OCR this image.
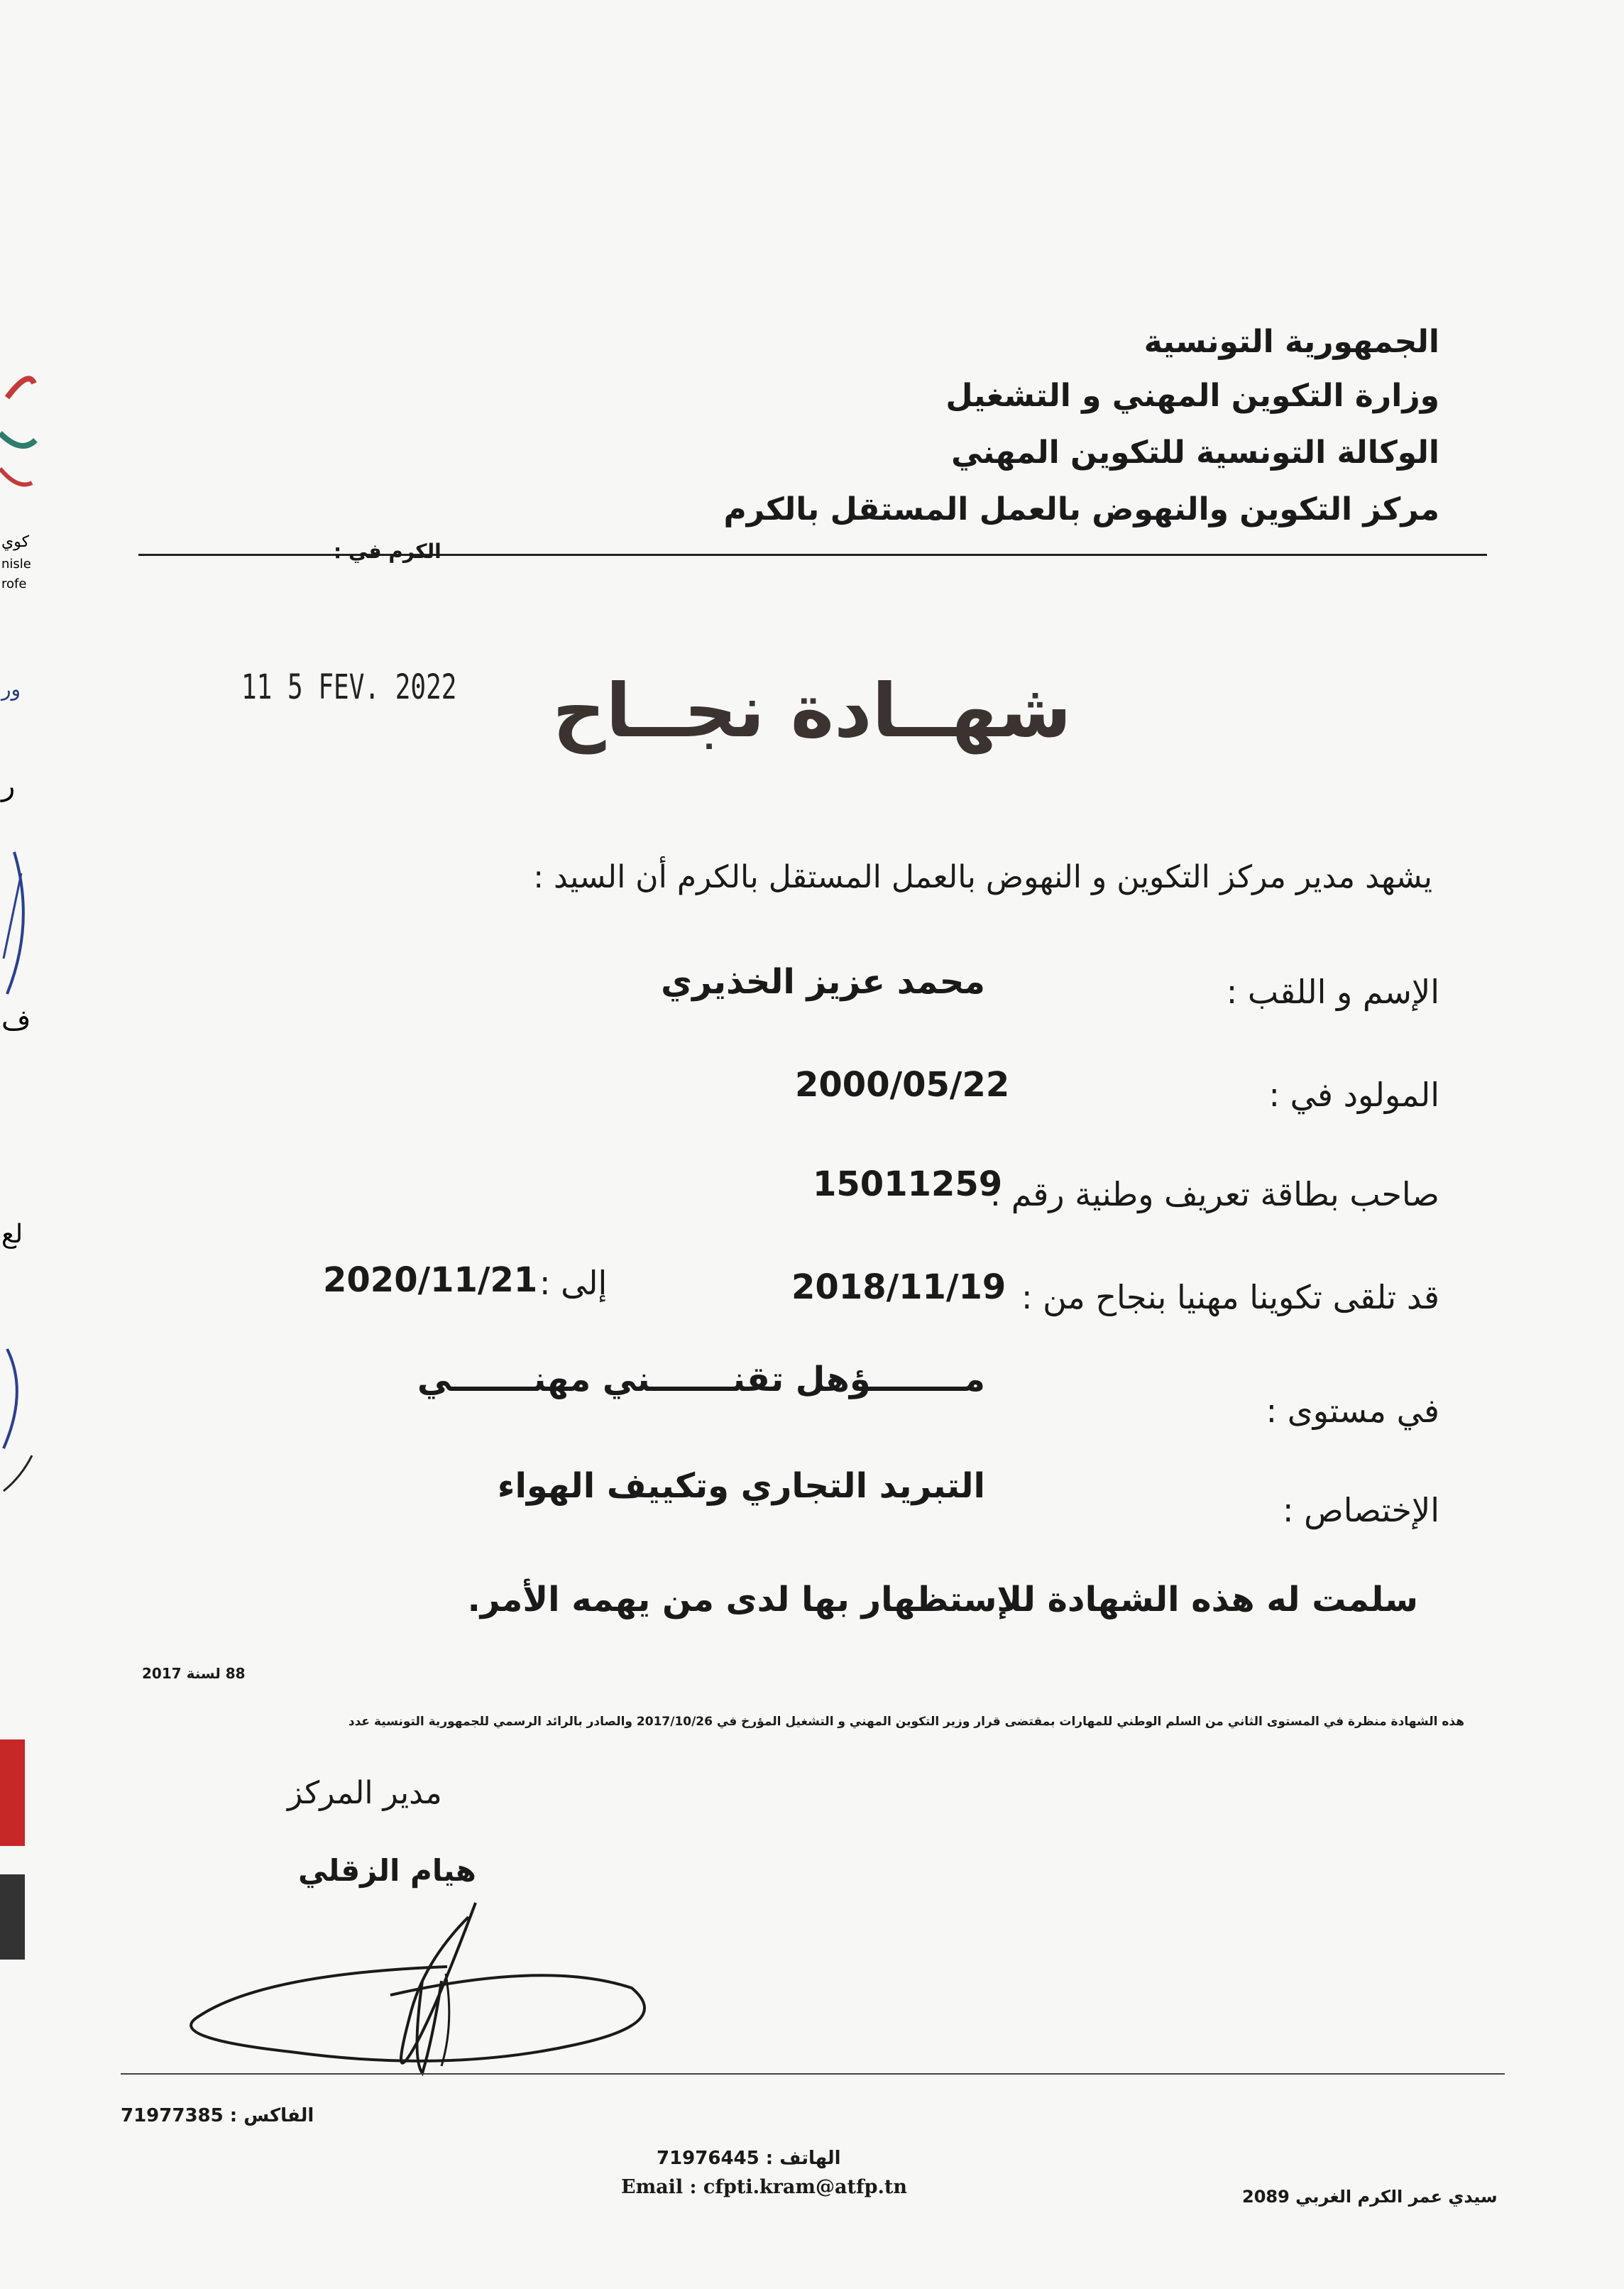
كوي
nisle
rofe
ور
ر
ف
لع
الجمهورية التونسية
وزارة التكوين المهني و التشغيل
الوكالة التونسية للتكوين المهني
مركز التكوين والنهوض بالعمل المستقل بالكرم
الكرم في :
11 5 FEV. 2022	شهــادة نجــاح
يشهد مدير مركز التكوين و النهوض بالعمل المستقل بالكرم أن السيد :
الإسم و اللقب :
محمد عزيز الخذيري
المولود في :
2000/05/22
صاحب بطاقة تعريف وطنية رقم :
15011259
قد تلقى تكوينا مهنيا بنجاح من :
2018/11/19
إلى :
2020/11/21
في مستوى :
مــــــــؤهل تقنـــــــني مهنـــــــي
الإختصاص :
التبريد التجاري وتكييف الهواء
سلمت له هذه الشهادة للإستظهار بها لدى من يهمه الأمر.
88 لسنة 2017
هذه الشهادة منظرة في المستوى الثاني من السلم الوطني للمهارات بمقتضى قرار وزير التكوين المهني و التشغيل المؤرخ في 2017/10/26 والصادر بالرائد الرسمي للجمهورية التونسية عدد
مدير المركز
هيام الزقلي
الفاكس : 71977385
الهاتف : 71976445
Email : cfpti.kram@atfp.tn	سيدي عمر الكرم الغربي 2089
